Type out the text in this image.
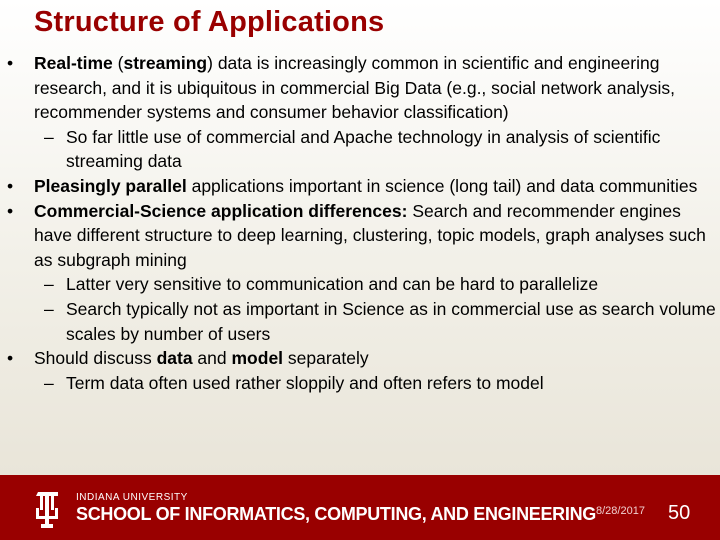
Structure of Applications
• Real-time (streaming) data is increasingly common in scientific and engineering research, and it is ubiquitous in commercial Big Data (e.g., social network analysis, recommender systems and consumer behavior classification)
– So far little use of commercial and Apache technology in analysis of scientific streaming data
• Pleasingly parallel applications important in science (long tail) and data communities
• Commercial-Science application differences: Search and recommender engines have different structure to deep learning, clustering, topic models, graph analyses such as subgraph mining
– Latter very sensitive to communication and can be hard to parallelize
– Search typically not as important in Science as in commercial use as search volume scales by number of users
• Should discuss data and model separately
– Term data often used rather sloppily and often refers to model
INDIANA UNIVERSITY
SCHOOL OF INFORMATICS, COMPUTING, AND ENGINEERING 8/28/2017 50
